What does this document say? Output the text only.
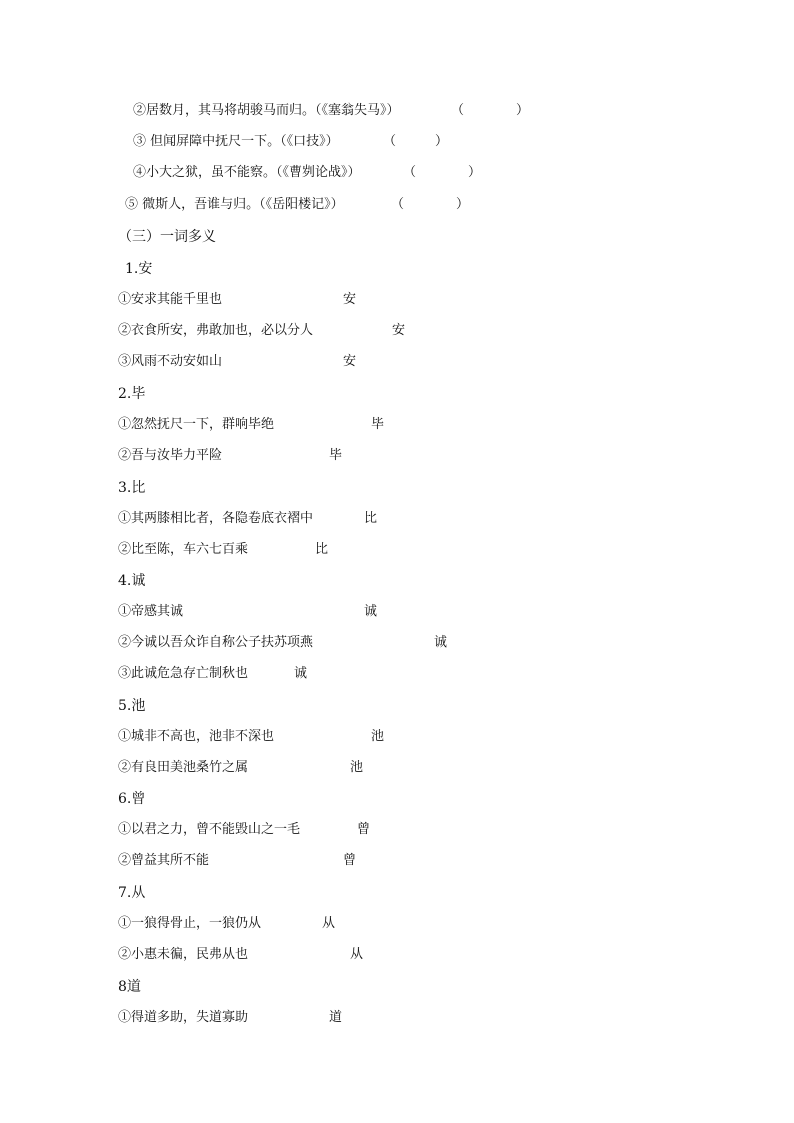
②居数月，其马将胡骏马而归。（《塞翁失马》）	（　　　　）
③ 但闻屏障中抚尺一下。（《口技》）	（　　　）
④小大之狱，虽不能察。（《曹刿论战》）	（　　　　）
⑤ 微斯人，吾谁与归。（《岳阳楼记》）	（　　　　）
（三）一词多义
1.安
①安求其能千里也	安
②衣食所安，弗敢加也，必以分人	安
③风雨不动安如山	安
2.毕
①忽然抚尺一下，群响毕绝	毕
②吾与汝毕力平险	毕
3.比
①其两膝相比者，各隐卷底衣褶中	比
②比至陈，车六七百乘	比
4.诚
①帝感其诚	诚
②今诚以吾众诈自称公子扶苏项燕	诚
③此诚危急存亡制秋也	诚
5.池
①城非不高也，池非不深也	池
②有良田美池桑竹之属	池
6.曾
①以君之力，曾不能毁山之一毛	曾
②曾益其所不能	曾
7.从
①一狼得骨止，一狼仍从	从
②小惠未徧，民弗从也	从
8道
①得道多助，失道寡助	道
